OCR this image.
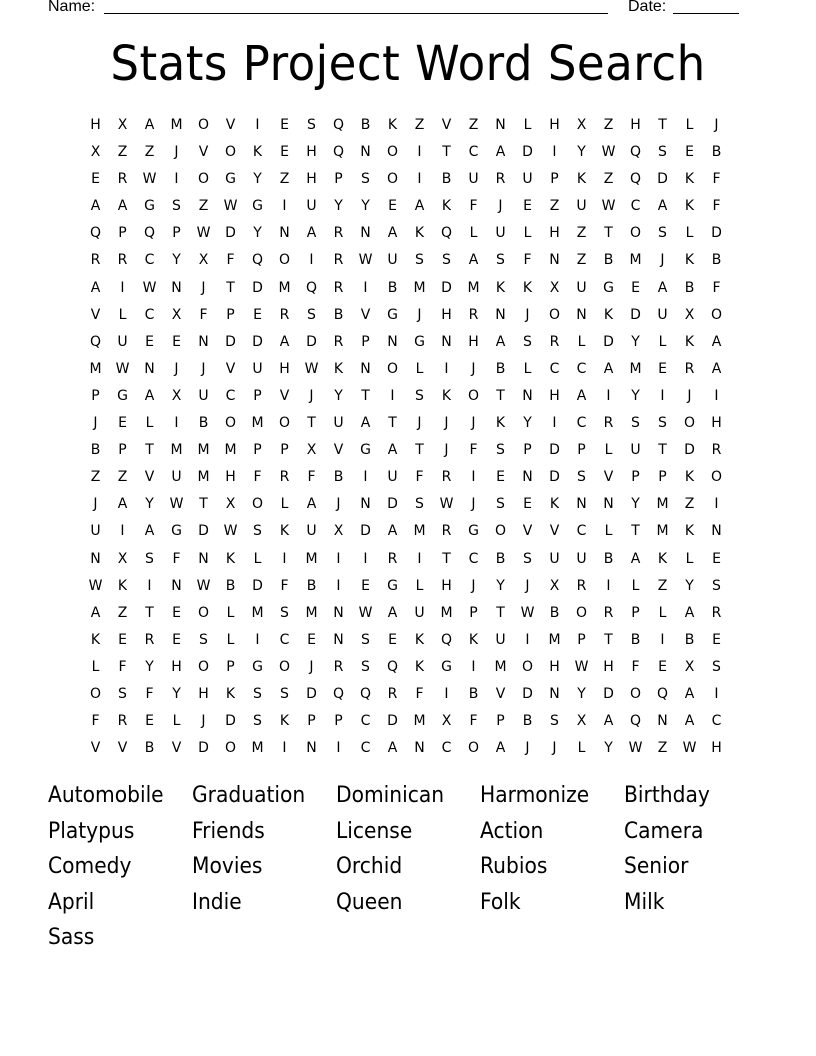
Name:	Date:
Stats Project Word Search
H	X	A	M	O	V	I	E	S	Q	B	K	Z	V	Z	N	L	H	X	Z	H	T	L	J
X	Z	Z	J	V	O	K	E	H	Q	N	O	I	T	C	A	D	I	Y	W	Q	S	E	B
E	R	W	I	O	G	Y	Z	H	P	S	O	I	B	U	R	U	P	K	Z	Q	D	K	F
A	A	G	S	Z	W	G	I	U	Y	Y	E	A	K	F	J	E	Z	U	W	C	A	K	F
Q	P	Q	P	W	D	Y	N	A	R	N	A	K	Q	L	U	L	H	Z	T	O	S	L	D
R	R	C	Y	X	F	Q	O	I	R	W	U	S	S	A	S	F	N	Z	B	M	J	K	B
A	I	W	N	J	T	D	M	Q	R	I	B	M	D	M	K	K	X	U	G	E	A	B	F
V	L	C	X	F	P	E	R	S	B	V	G	J	H	R	N	J	O	N	K	D	U	X	O
Q	U	E	E	N	D	D	A	D	R	P	N	G	N	H	A	S	R	L	D	Y	L	K	A
M	W	N	J	J	V	U	H	W	K	N	O	L	I	J	B	L	C	C	A	M	E	R	A
P	G	A	X	U	C	P	V	J	Y	T	I	S	K	O	T	N	H	A	I	Y	I	J	I
J	E	L	I	B	O	M	O	T	U	A	T	J	J	J	K	Y	I	C	R	S	S	O	H
B	P	T	M	M	M	P	P	X	V	G	A	T	J	F	S	P	D	P	L	U	T	D	R
Z	Z	V	U	M	H	F	R	F	B	I	U	F	R	I	E	N	D	S	V	P	P	K	O
J	A	Y	W	T	X	O	L	A	J	N	D	S	W	J	S	E	K	N	N	Y	M	Z	I
U	I	A	G	D	W	S	K	U	X	D	A	M	R	G	O	V	V	C	L	T	M	K	N
N	X	S	F	N	K	L	I	M	I	I	R	I	T	C	B	S	U	U	B	A	K	L	E
W	K	I	N	W	B	D	F	B	I	E	G	L	H	J	Y	J	X	R	I	L	Z	Y	S
A	Z	T	E	O	L	M	S	M	N	W	A	U	M	P	T	W	B	O	R	P	L	A	R
K	E	R	E	S	L	I	C	E	N	S	E	K	Q	K	U	I	M	P	T	B	I	B	E
L	F	Y	H	O	P	G	O	J	R	S	Q	K	G	I	M	O	H	W	H	F	E	X	S
O	S	F	Y	H	K	S	S	D	Q	Q	R	F	I	B	V	D	N	Y	D	O	Q	A	I
F	R	E	L	J	D	S	K	P	P	C	D	M	X	F	P	B	S	X	A	Q	N	A	C
V	V	B	V	D	O	M	I	N	I	C	A	N	C	O	A	J	J	L	Y	W	Z	W	H
Automobile	Graduation	Dominican	Harmonize	Birthday
Platypus	Friends	License	Action	Camera
Comedy	Movies	Orchid	Rubios	Senior
April	Indie	Queen	Folk	Milk
Sass
